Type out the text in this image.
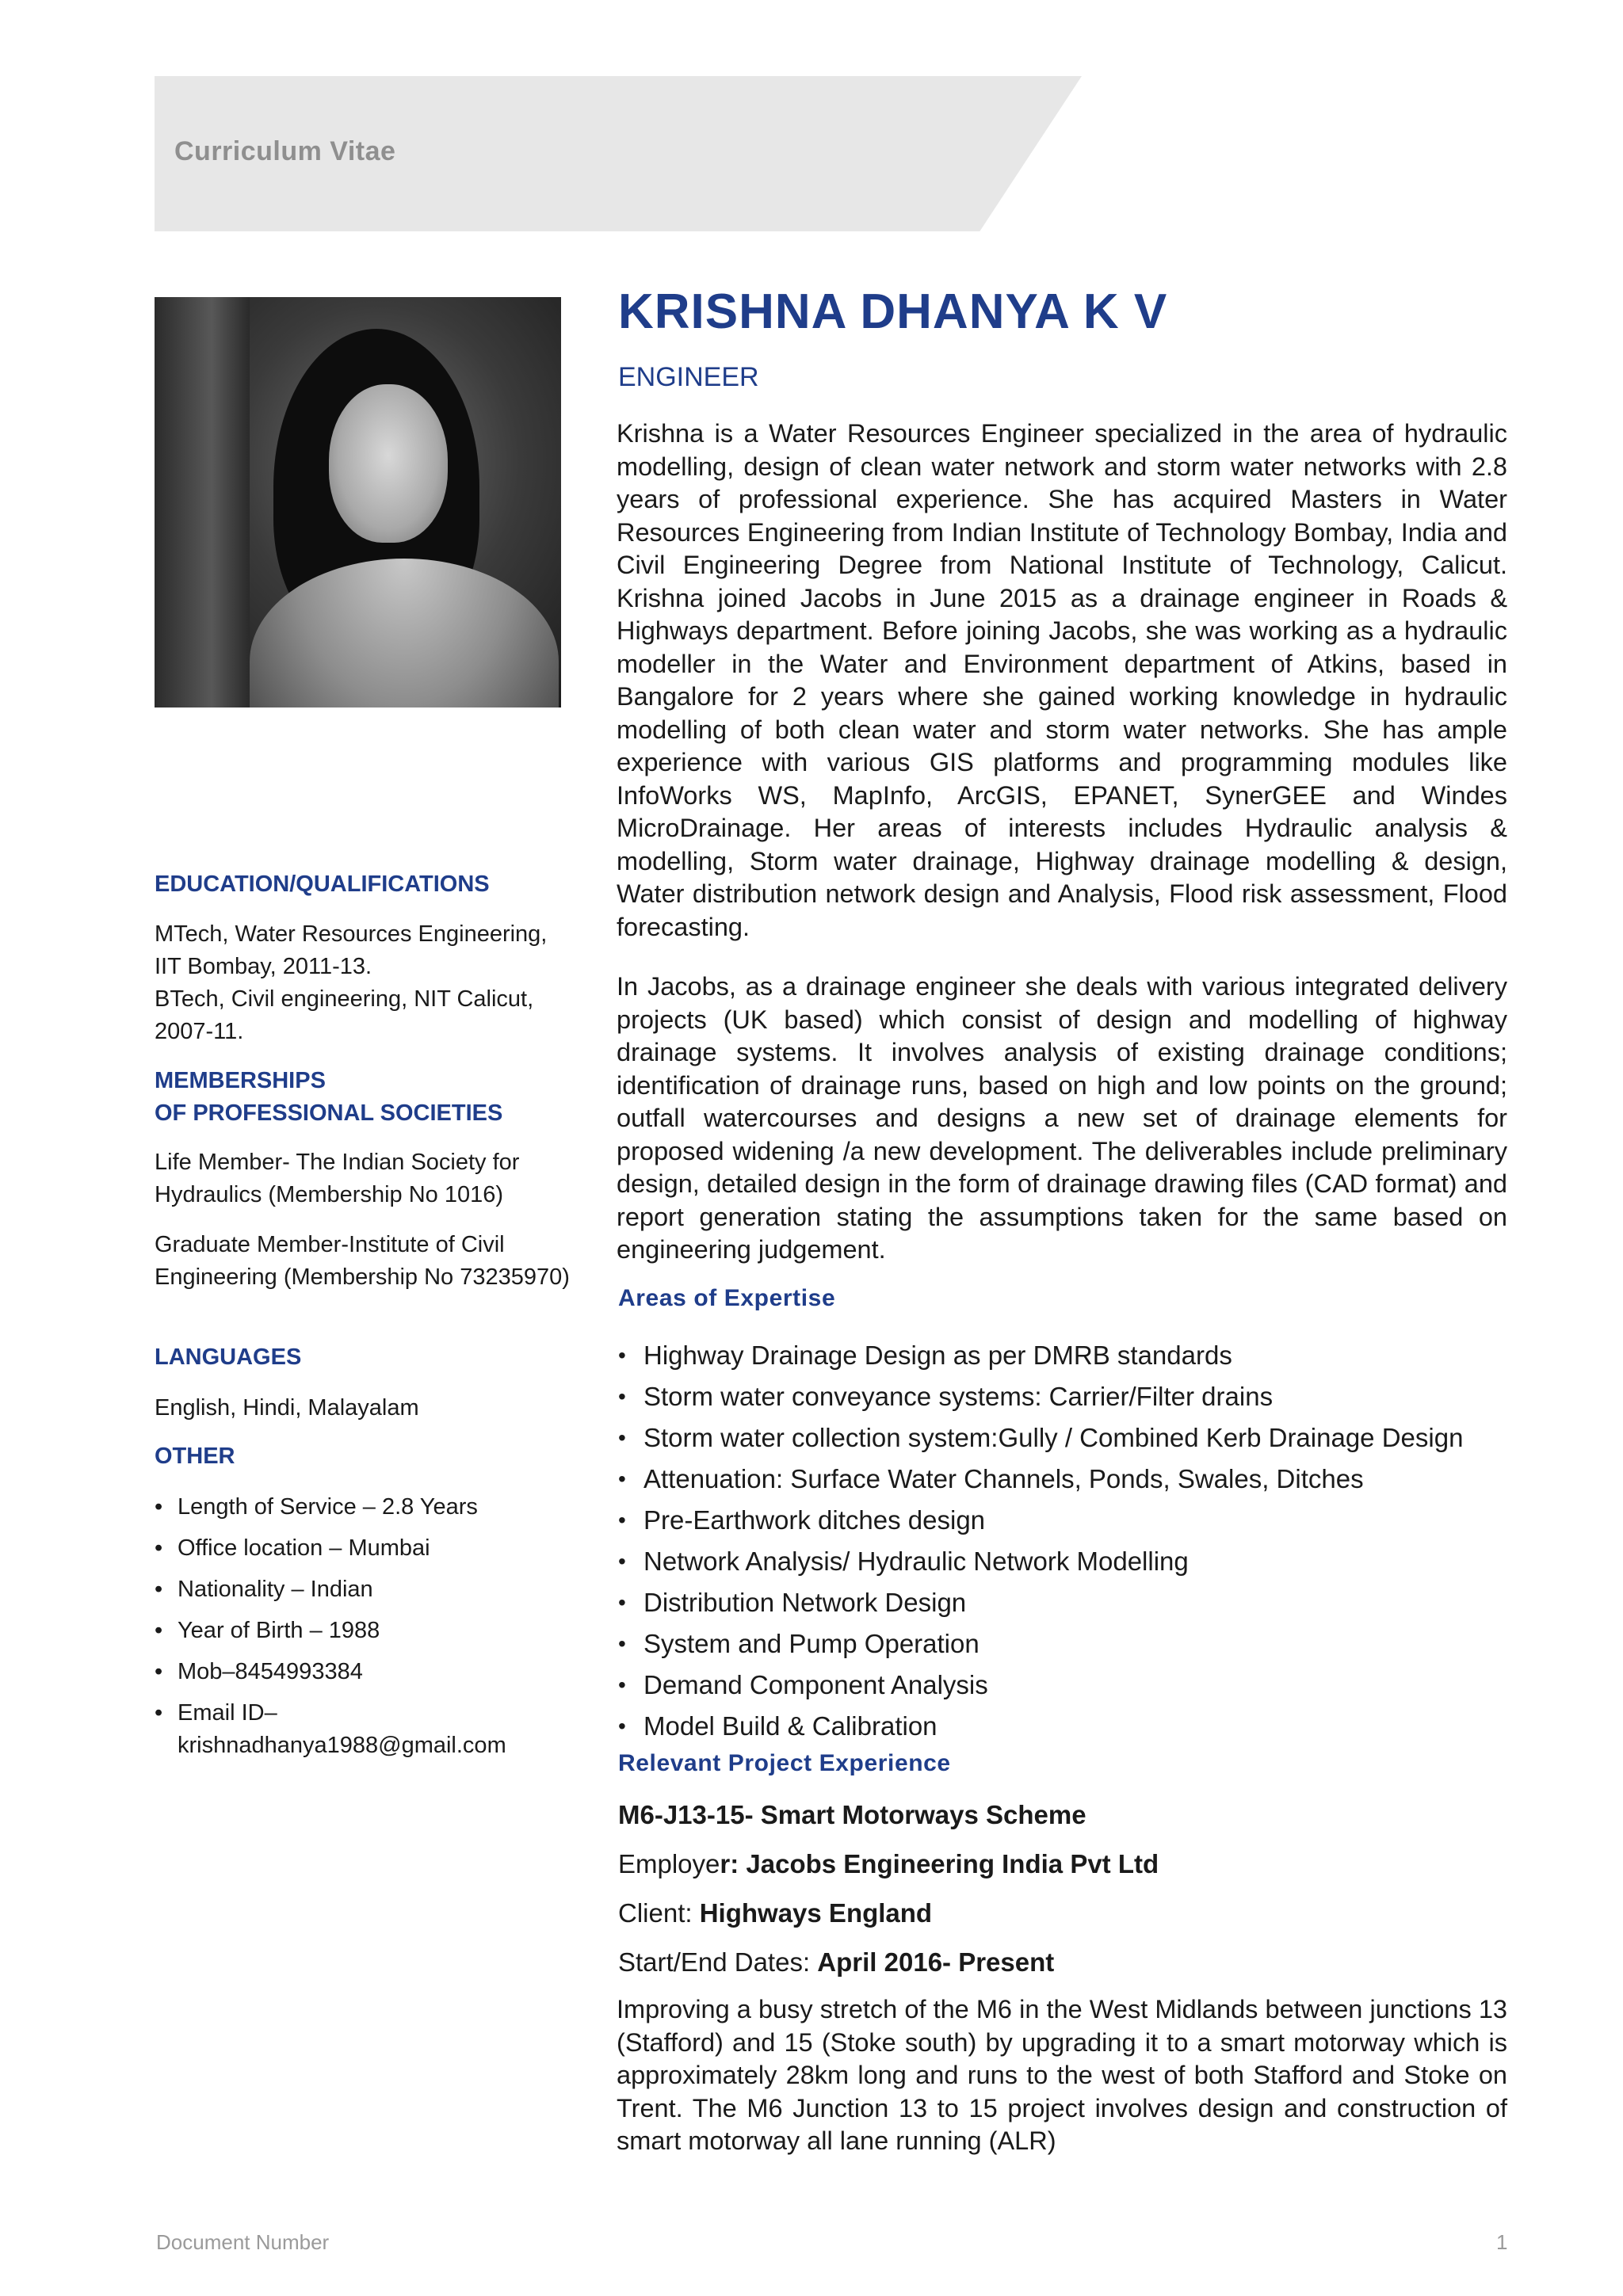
Curriculum Vitae
KRISHNA DHANYA K V
ENGINEER

Krishna is a Water Resources Engineer specialized in the area of hydraulic modelling, design of clean water network and storm water networks with 2.8 years of professional experience. She has acquired Masters in Water Resources Engineering from Indian Institute of Technology Bombay, India and Civil Engineering Degree from National Institute of Technology, Calicut. Krishna joined Jacobs in June 2015 as a drainage engineer in Roads & Highways department. Before joining Jacobs, she was working as a hydraulic modeller in the Water and Environment department of Atkins, based in Bangalore for 2 years where she gained working knowledge in hydraulic modelling of both clean water and storm water networks. She has ample experience with various GIS platforms and programming modules like InfoWorks WS, MapInfo, ArcGIS, EPANET, SynerGEE and Windes MicroDrainage. Her areas of interests includes Hydraulic analysis & modelling, Storm water drainage, Highway drainage modelling & design, Water distribution network design and Analysis, Flood risk assessment, Flood forecasting.

In Jacobs, as a drainage engineer she deals with various integrated delivery projects (UK based) which consist of design and modelling of highway drainage systems. It involves analysis of existing drainage conditions; identification of drainage runs, based on high and low points on the ground; outfall watercourses and designs a new set of drainage elements for proposed widening /a new development. The deliverables include preliminary design, detailed design in the form of drainage drawing files (CAD format) and report generation stating the assumptions taken for the same based on engineering judgement.

EDUCATION/QUALIFICATIONS

MTech, Water Resources Engineering, IIT Bombay, 2011-13.

BTech, Civil engineering, NIT Calicut, 2007-11.

MEMBERSHIPS

OF PROFESSIONAL SOCIETIES

Life Member- The Indian Society for Hydraulics (Membership No 1016)

Graduate Member-Institute of Civil Engineering (Membership No 73235970)

LANGUAGES

English, Hindi, Malayalam

OTHER

• Length of Service – 2.8 Years
• Office location – Mumbai
• Nationality – Indian
• Year of Birth – 1988
• Mob–8454993384
• Email ID– krishnadhanya1988@gmail.com
Areas of Expertise
• Highway Drainage Design as per DMRB standards
• Storm water conveyance systems: Carrier/Filter drains
• Storm water collection system:Gully / Combined Kerb Drainage Design
• Attenuation: Surface Water Channels, Ponds, Swales, Ditches
• Pre-Earthwork ditches design
• Network Analysis/ Hydraulic Network Modelling
• Distribution Network Design
• System and Pump Operation
• Demand Component Analysis
• Model Build & Calibration
Relevant Project Experience
M6-J13-15- Smart Motorways Scheme
Employer: Jacobs Engineering India Pvt Ltd
Client: Highways England
Start/End Dates: April 2016- Present

Improving a busy stretch of the M6 in the West Midlands between junctions 13 (Stafford) and 15 (Stoke south) by upgrading it to a smart motorway which is approximately 28km long and runs to the west of both Stafford and Stoke on Trent. The M6 Junction 13 to 15 project involves design and construction of smart motorway all lane running (ALR)

Document Number	1
